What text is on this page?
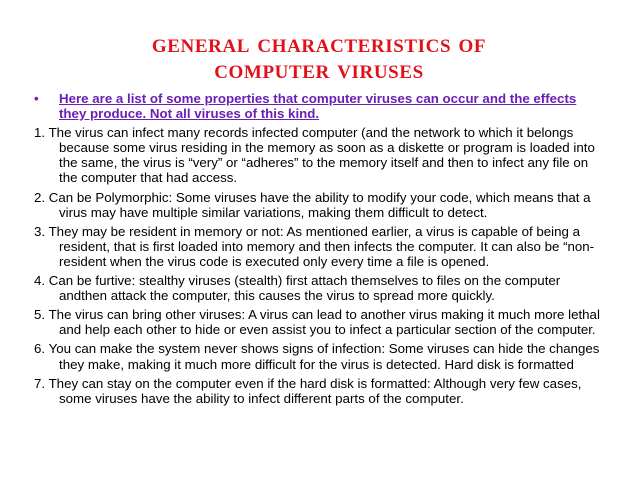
general characteristics of
computer viruses
• Here are a list of some properties that computer viruses can occur and the effects they produce. Not all viruses of this kind.
1. The virus can infect many records infected computer (and the network to which it belongs because some virus residing in the memory as soon as a diskette or program is loaded into the same, the virus is “very” or “adheres” to the memory itself and then to infect any file on the computer that had access.
2. Can be Polymorphic: Some viruses have the ability to modify your code, which means that a virus may have multiple similar variations, making them difficult to detect.
3. They may be resident in memory or not: As mentioned earlier, a virus is capable of being a resident, that is first loaded into memory and then infects the computer. It can also be “non-resident when the virus code is executed only every time a file is opened.
4. Can be furtive: stealthy viruses (stealth) first attach themselves to files on the computer andthen attack the computer, this causes the virus to spread more quickly.
5. The virus can bring other viruses: A virus can lead to another virus making it much more lethal and help each other to hide or even assist you to infect a particular section of the computer.
6. You can make the system never shows signs of infection: Some viruses can hide the changes they make, making it much more difficult for the virus is detected. Hard disk is formatted
7. They can stay on the computer even if the hard disk is formatted: Although very few cases, some viruses have the ability to infect different parts of the computer.
